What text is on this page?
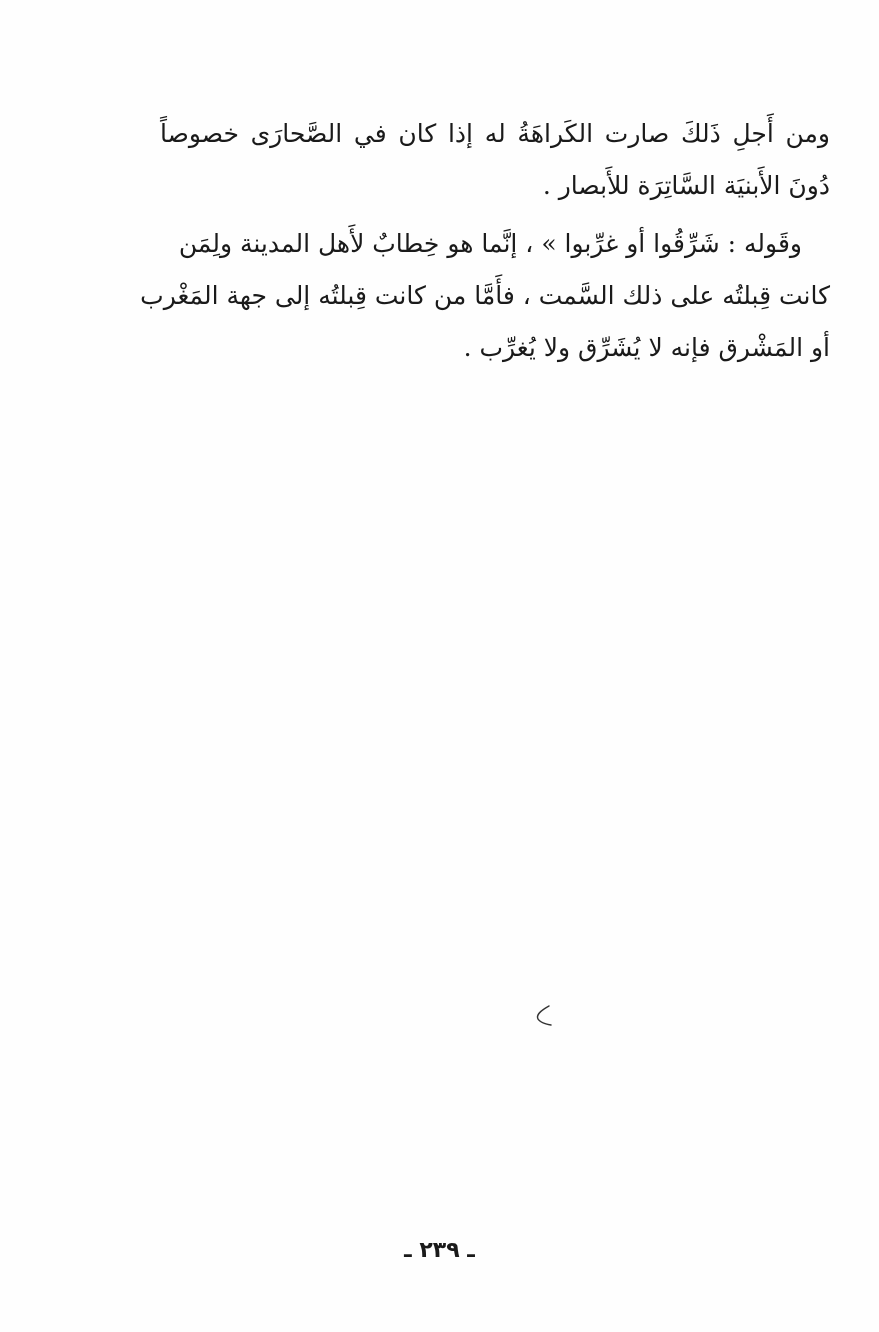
ومن أَجلِ ذَلكَ صارت الكَراهَةُ له إذا كان في الصَّحارَى خصوصاً
دُونَ الأَبنيَة السَّاتِرَة للأَبصار .
وقَوله : شَرِّقُوا أو غرِّبوا » ، إنَّما هو خِطابٌ لأَهل المدينة ولِمَن
كانت قِبلتُه على ذلك السَّمت ، فأَمَّا من كانت قِبلتُه إلى جهة المَغْرب
أو المَشْرق فإنه لا يُشَرِّق ولا يُغرِّب .
ـ ٢٣٩ ـ
